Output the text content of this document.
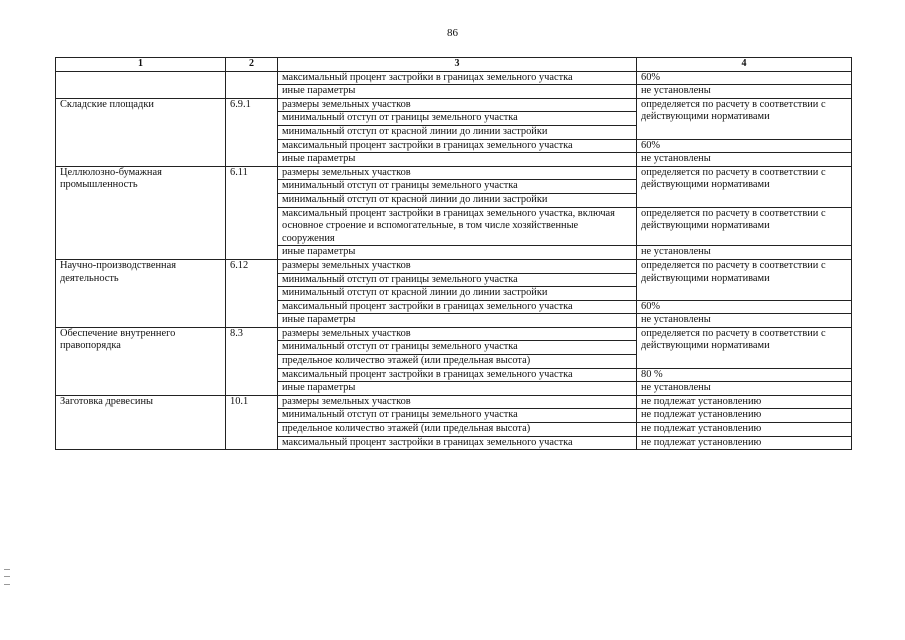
86
1	2	3	4
		максимальный процент застройки в границах земельного участка	60%
		иные параметры	не установлены
Складские площадки	6.9.1	размеры земельных участков	определяется по расчету в соответствии с действующими нормативами
		минимальный отступ от границы земельного участка	
		минимальный отступ от красной линии до линии застройки	
		максимальный процент застройки в границах земельного участка	60%
		иные параметры	не установлены
Целлюлозно-бумажная промышленность	6.11	размеры земельных участков	определяется по расчету в соответствии с действующими нормативами
		минимальный отступ от границы земельного участка	
		минимальный отступ от красной линии до линии застройки	
		максимальный процент застройки в границах земельного участка, включая основное строение и вспомогательные, в том числе хозяйственные сооружения	определяется по расчету в соответствии с действующими нормативами
		иные параметры	не установлены
Научно-производственная деятельность	6.12	размеры земельных участков	определяется по расчету в соответствии с действующими нормативами
		минимальный отступ от границы земельного участка	
		минимальный отступ от красной линии до линии застройки	
		максимальный процент застройки в границах земельного участка	60%
		иные параметры	не установлены
Обеспечение внутреннего правопорядка	8.3	размеры земельных участков	определяется по расчету в соответствии с действующими нормативами
		минимальный отступ от границы земельного участка	
		предельное количество этажей (или предельная высота)	
		максимальный процент застройки в границах земельного участка	80 %
		иные параметры	не установлены
Заготовка древесины	10.1	размеры земельных участков	не подлежат установлению
		минимальный отступ от границы земельного участка	не подлежат установлению
		предельное количество этажей (или предельная высота)	не подлежат установлению
		максимальный процент застройки в границах земельного участка	не подлежат установлению
